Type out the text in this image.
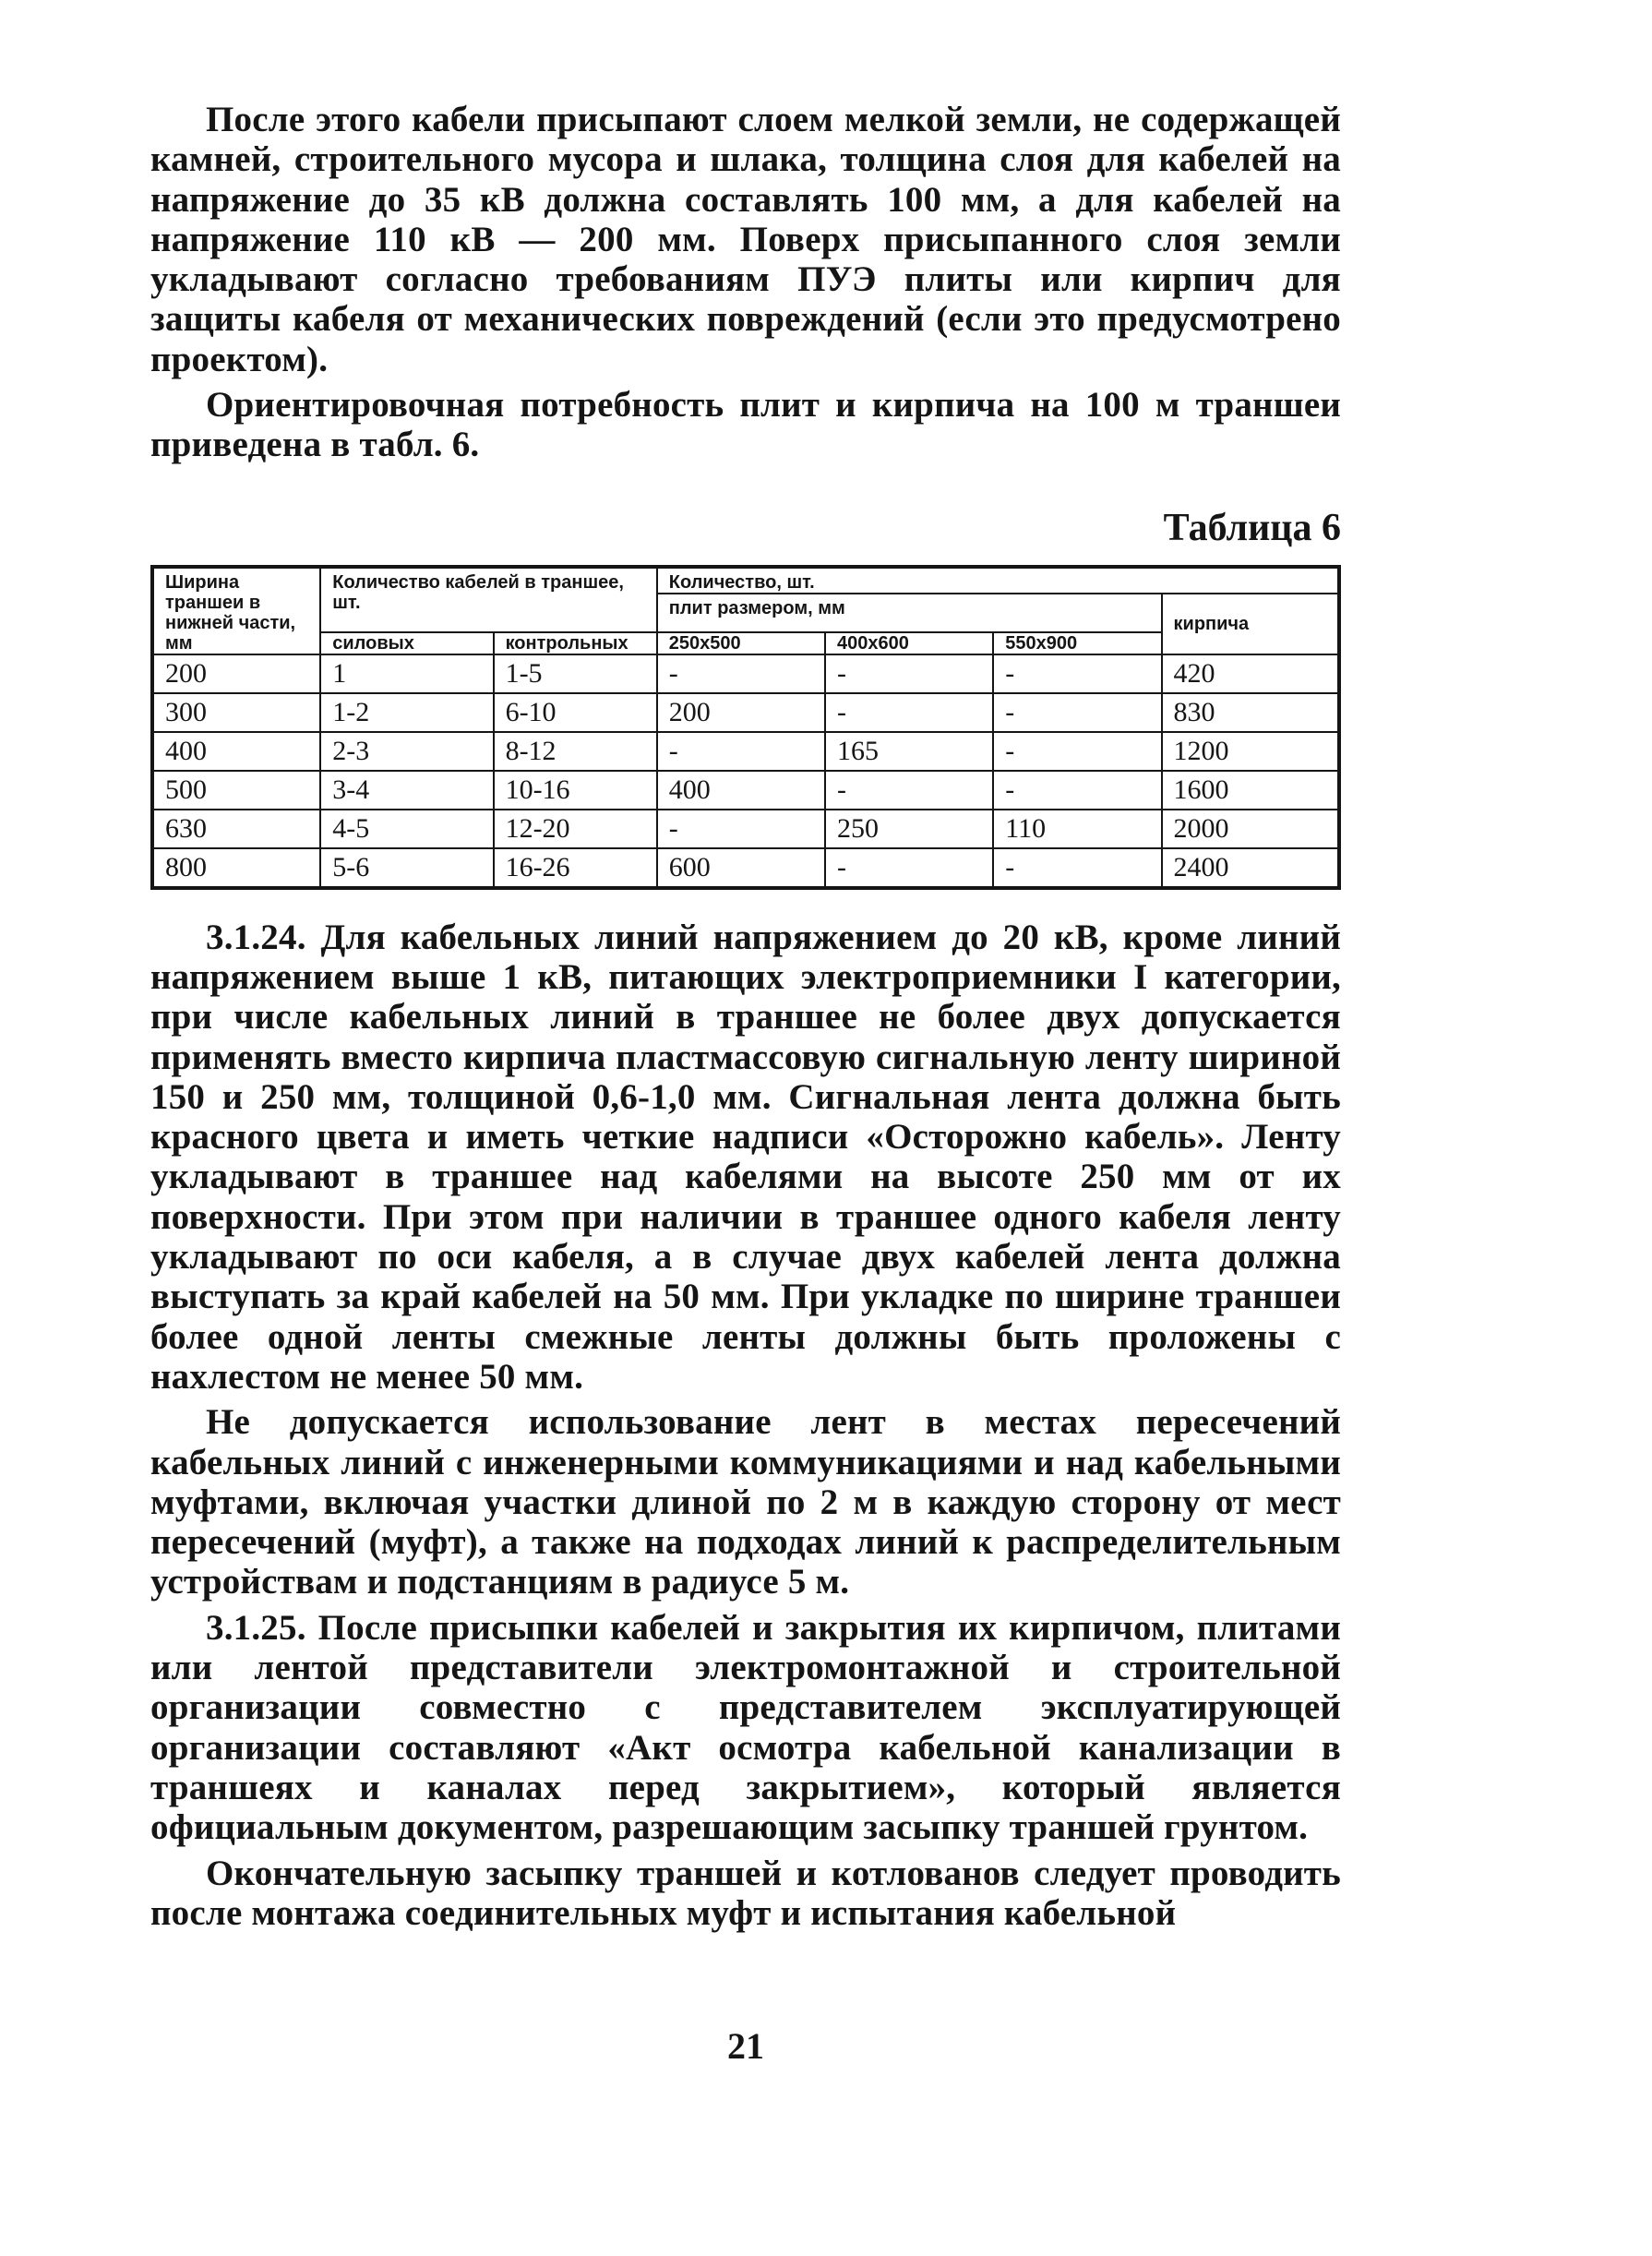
После этого кабели присыпают слоем мелкой земли, не содержащей камней, строительного мусора и шлака, толщина слоя для кабелей на напряжение до 35 кВ должна составлять 100 мм, а для кабелей на напряжение 110 кВ — 200 мм. Поверх присыпанного слоя земли укладывают согласно требованиям ПУЭ плиты или кирпич для защиты кабеля от механических повреждений (если это предусмотрено проектом).

Ориентировочная потребность плит и кирпича на 100 м траншеи приведена в табл. 6.

Таблица 6
Ширина траншеи в нижней части, мм	Количество кабелей в траншее, шт.		Количество, шт.			
			плит размером, мм			кирпича
	силовых	контрольных	250x500	400x600	550x900	
200	1	1-5	-	-	-	420
300	1-2	6-10	200	-	-	830
400	2-3	8-12	-	165	-	1200
500	3-4	10-16	400	-	-	1600
630	4-5	12-20	-	250	110	2000
800	5-6	16-26	600	-	-	2400

3.1.24. Для кабельных линий напряжением до 20 кВ, кроме линий напряжением выше 1 кВ, питающих электроприемники I категории, при числе кабельных линий в траншее не более двух допускается применять вместо кирпича пластмассовую сигнальную ленту шириной 150 и 250 мм, толщиной 0,6-1,0 мм. Сигнальная лента должна быть красного цвета и иметь четкие надписи «Осторожно кабель». Ленту укладывают в траншее над кабелями на высоте 250 мм от их поверхности. При этом при наличии в траншее одного кабеля ленту укладывают по оси кабеля, а в случае двух кабелей лента должна выступать за край кабелей на 50 мм. При укладке по ширине траншеи более одной ленты смежные ленты должны быть проложены с нахлестом не менее 50 мм.

Не допускается использование лент в местах пересечений кабельных линий с инженерными коммуникациями и над кабельными муфтами, включая участки длиной по 2 м в каждую сторону от мест пересечений (муфт), а также на подходах линий к распределительным устройствам и подстанциям в радиусе 5 м.

3.1.25. После присыпки кабелей и закрытия их кирпичом, плитами или лентой представители электромонтажной и строительной организации совместно с представителем эксплуатирующей организации составляют «Акт осмотра кабельной канализации в траншеях и каналах перед закрытием», который является официальным документом, разрешающим засыпку траншей грунтом.

Окончательную засыпку траншей и котлованов следует проводить после монтажа соединительных муфт и испытания кабельной

21
